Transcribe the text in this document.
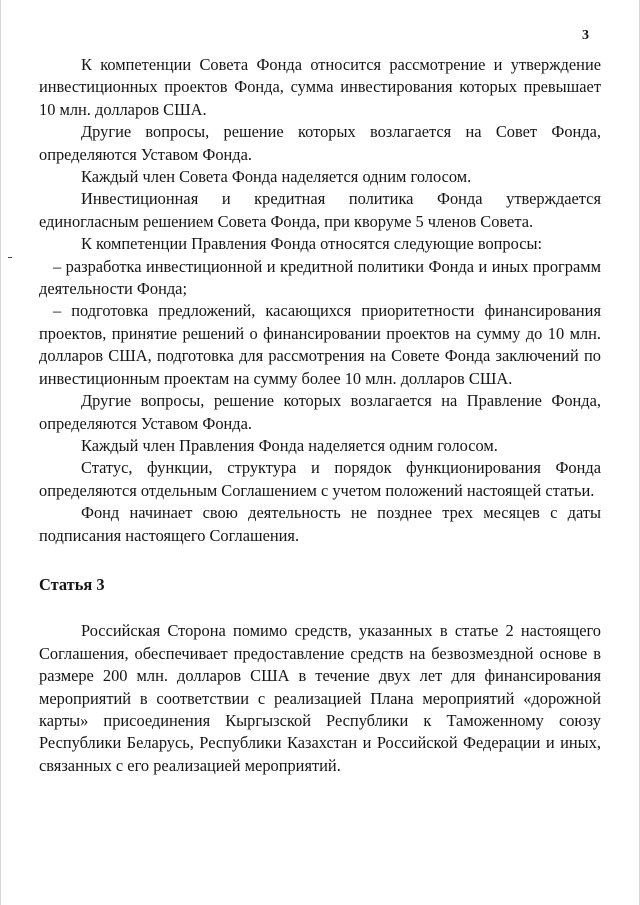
3

К компетенции Совета Фонда относится рассмотрение и утверждение инвестиционных проектов Фонда, сумма инвестирования которых превышает 10 млн. долларов США.

Другие вопросы, решение которых возлагается на Совет Фонда, определяются Уставом Фонда.

Каждый член Совета Фонда наделяется одним голосом.

Инвестиционная и кредитная политика Фонда утверждается единогласным решением Совета Фонда, при кворуме 5 членов Совета.

К компетенции Правления Фонда относятся следующие вопросы:

– разработка инвестиционной и кредитной политики Фонда и иных программ деятельности Фонда;

– подготовка предложений, касающихся приоритетности финансирования проектов, принятие решений о финансировании проектов на сумму до 10 млн. долларов США, подготовка для рассмотрения на Совете Фонда заключений по инвестиционным проектам на сумму более 10 млн. долларов США.

Другие вопросы, решение которых возлагается на Правление Фонда, определяются Уставом Фонда.

Каждый член Правления Фонда наделяется одним голосом.

Статус, функции, структура и порядок функционирования Фонда определяются отдельным Соглашением с учетом положений настоящей статьи.

Фонд начинает свою деятельность не позднее трех месяцев с даты подписания настоящего Соглашения.

Статья 3

Российская Сторона помимо средств, указанных в статье 2 настоящего Соглашения, обеспечивает предоставление средств на безвозмездной основе в размере 200 млн. долларов США в течение двух лет для финансирования мероприятий в соответствии с реализацией Плана мероприятий «дорожной карты» присоединения Кыргызской Республики к Таможенному союзу Республики Беларусь, Республики Казахстан и Российской Федерации и иных, связанных с его реализацией мероприятий.
